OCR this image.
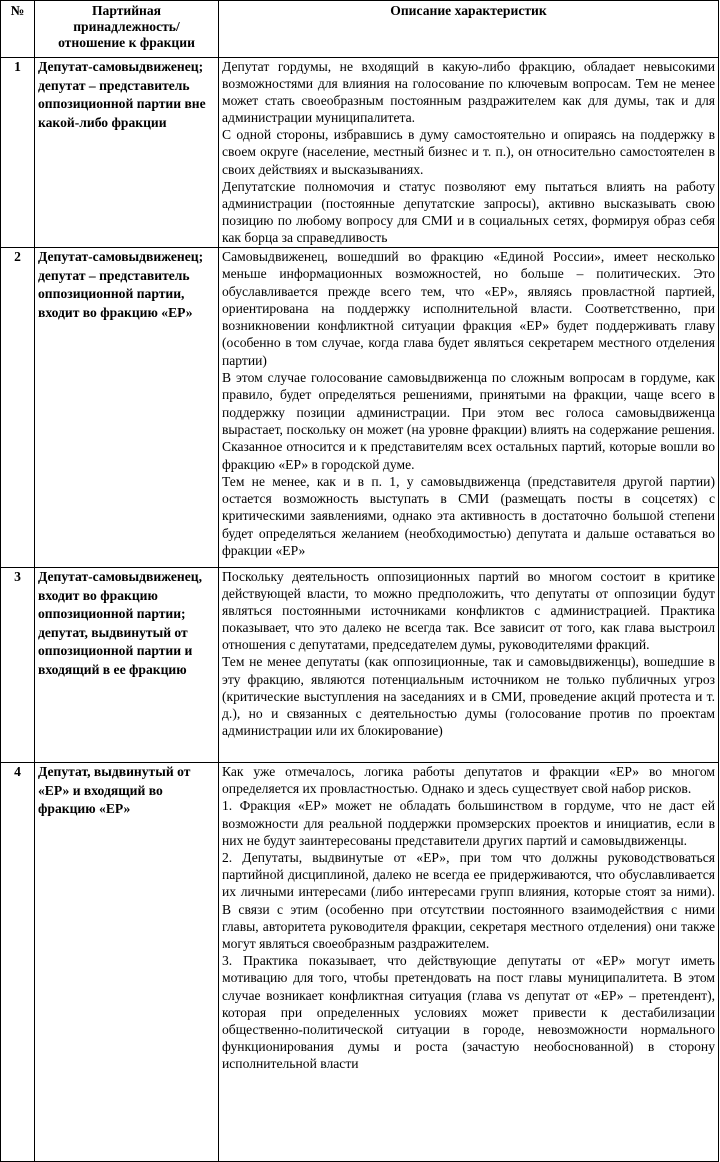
№	Партийная принадлежность/ отношение к фракции	Описание характеристик
1	Депутат-самовыдвиженец; депутат – представитель оппозиционной партии вне какой-либо фракции	Депутат гордумы, не входящий в какую-либо фракцию, обладает невысокими возможностями для влияния на голосование по ключевым вопросам. Тем не менее может стать своеобразным постоянным раздражителем как для думы, так и для администрации муниципалитета.

С одной стороны, избравшись в думу самостоятельно и опираясь на поддержку в своем округе (население, местный бизнес и т. п.), он относительно самостоятелен в своих действиях и высказываниях.

Депутатские полномочия и статус позволяют ему пытаться влиять на работу администрации (постоянные депутатские запросы), активно высказывать свою позицию по любому вопросу для СМИ и в социальных сетях, формируя образ себя как борца за справедливость

2	Депутат-самовыдвиженец; депутат – представитель оппозиционной партии, входит во фракцию «ЕР»	Самовыдвиженец, вошедший во фракцию «Единой России», имеет несколько меньше информационных возможностей, но больше – политических. Это обуславливается прежде всего тем, что «ЕР», являясь провластной партией, ориентирована на поддержку исполнительной власти. Соответственно, при возникновении конфликтной ситуации фракция «ЕР» будет поддерживать главу (особенно в том случае, когда глава будет являться секретарем местного отделения партии)

В этом случае голосование самовыдвиженца по сложным вопросам в гордуме, как правило, будет определяться решениями, принятыми на фракции, чаще всего в поддержку позиции администрации. При этом вес голоса самовыдвиженца вырастает, поскольку он может (на уровне фракции) влиять на содержание решения. Сказанное относится и к представителям всех остальных партий, которые вошли во фракцию «ЕР» в городской думе.

Тем не менее, как и в п. 1, у самовыдвиженца (представителя другой партии) остается возможность выступать в СМИ (размещать посты в соцсетях) с критическими заявлениями, однако эта активность в достаточно большой степени будет определяться желанием (необходимостью) депутата и дальше оставаться во фракции «ЕР»

3	Депутат-самовыдвиженец, входит во фракцию оппозиционной партии; депутат, выдвинутый от оппозиционной партии и входящий в ее фракцию	Поскольку деятельность оппозиционных партий во многом состоит в критике действующей власти, то можно предположить, что депутаты от оппозиции будут являться постоянными источниками конфликтов с администрацией. Практика показывает, что это далеко не всегда так. Все зависит от того, как глава выстроил отношения с депутатами, председателем думы, руководителями фракций.

Тем не менее депутаты (как оппозиционные, так и самовыдвиженцы), вошедшие в эту фракцию, являются потенциальным источником не только публичных угроз (критические выступления на заседаниях и в СМИ, проведение акций протеста и т. д.), но и связанных с деятельностью думы (голосование против по проектам администрации или их блокирование)

4	Депутат, выдвинутый от «ЕР» и входящий во фракцию «ЕР»	Как уже отмечалось, логика работы депутатов и фракции «ЕР» во многом определяется их провластностью. Однако и здесь существует свой набор рисков.

1. Фракция «ЕР» может не обладать большинством в гордуме, что не даст ей возможности для реальной поддержки промзерских проектов и инициатив, если в них не будут заинтересованы представители других партий и самовыдвиженцы.

2. Депутаты, выдвинутые от «ЕР», при том что должны руководствоваться партийной дисциплиной, далеко не всегда ее придерживаются, что обуславливается их личными интересами (либо интересами групп влияния, которые стоят за ними). В связи с этим (особенно при отсутствии постоянного взаимодействия с ними главы, авторитета руководителя фракции, секретаря местного отделения) они также могут являться своеобразным раздражителем.

3. Практика показывает, что действующие депутаты от «ЕР» могут иметь мотивацию для того, чтобы претендовать на пост главы муниципалитета. В этом случае возникает конфликтная ситуация (глава vs депутат от «ЕР» – претендент), которая при определенных условиях может привести к дестабилизации общественно-политической ситуации в городе, невозможности нормального функционирования думы и роста (зачастую необоснованной) в сторону исполнительной власти
